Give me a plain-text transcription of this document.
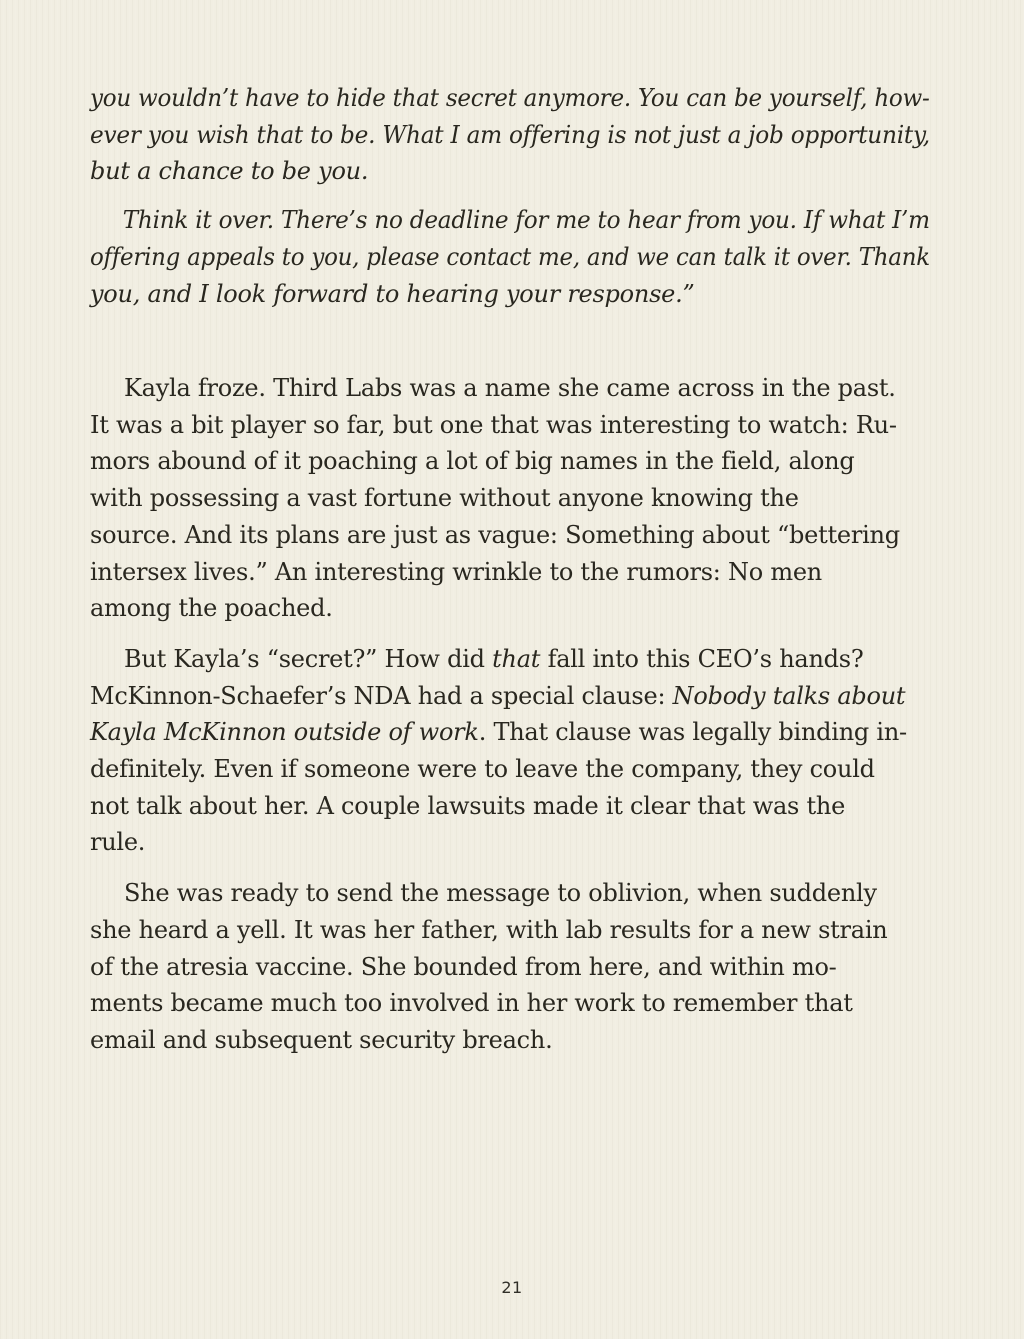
you wouldn’t have to hide that secret anymore. You can be yourself, how-
ever you wish that to be. What I am offering is not just a job opportunity,
but a chance to be you.
Think it over. There’s no deadline for me to hear from you. If what I’m
offering appeals to you, please contact me, and we can talk it over. Thank
you, and I look forward to hearing your response.”
Kayla froze. Third Labs was a name she came across in the past.
It was a bit player so far, but one that was interesting to watch: Ru-
mors abound of it poaching a lot of big names in the field, along
with possessing a vast fortune without anyone knowing the
source. And its plans are just as vague: Something about “bettering
intersex lives.” An interesting wrinkle to the rumors: No men
among the poached.
But Kayla’s “secret?” How did that fall into this CEO’s hands?
McKinnon-Schaefer’s NDA had a special clause: Nobody talks about
Kayla McKinnon outside of work. That clause was legally binding in-
definitely. Even if someone were to leave the company, they could
not talk about her. A couple lawsuits made it clear that was the
rule.
She was ready to send the message to oblivion, when suddenly
she heard a yell. It was her father, with lab results for a new strain
of the atresia vaccine. She bounded from here, and within mo-
ments became much too involved in her work to remember that
email and subsequent security breach.
21
